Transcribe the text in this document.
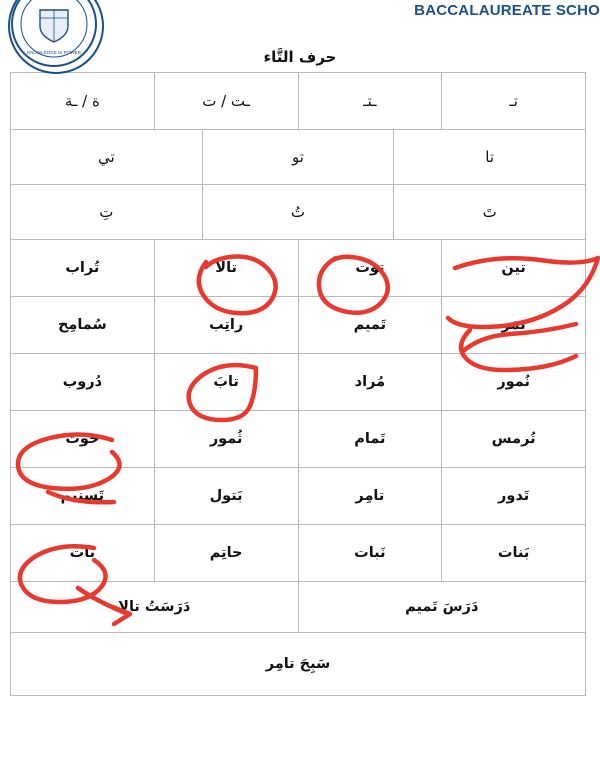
KNOWLEDGE IS POWER
BACCALAUREATE SCHO
حرف التَّاء
تـ
ـتـ
ـت / ت
ة / ـة
تا
تو
تي
تَ
تُ
تِ
تين
توت
تالا
تُراب
تَمَر
تَميم
راتِب
سُمامِح
نُمور
مُراد
تابَ
دُروب
تُرمس
تَمام
ثُمور
حوت
تَدور
تامِر
بَتول
تَسنيم
بَنات
نَبات
حاتِم
بات
دَرَسَ تَميم
دَرَسَتُ تالا
سَبِحَ تامِر
